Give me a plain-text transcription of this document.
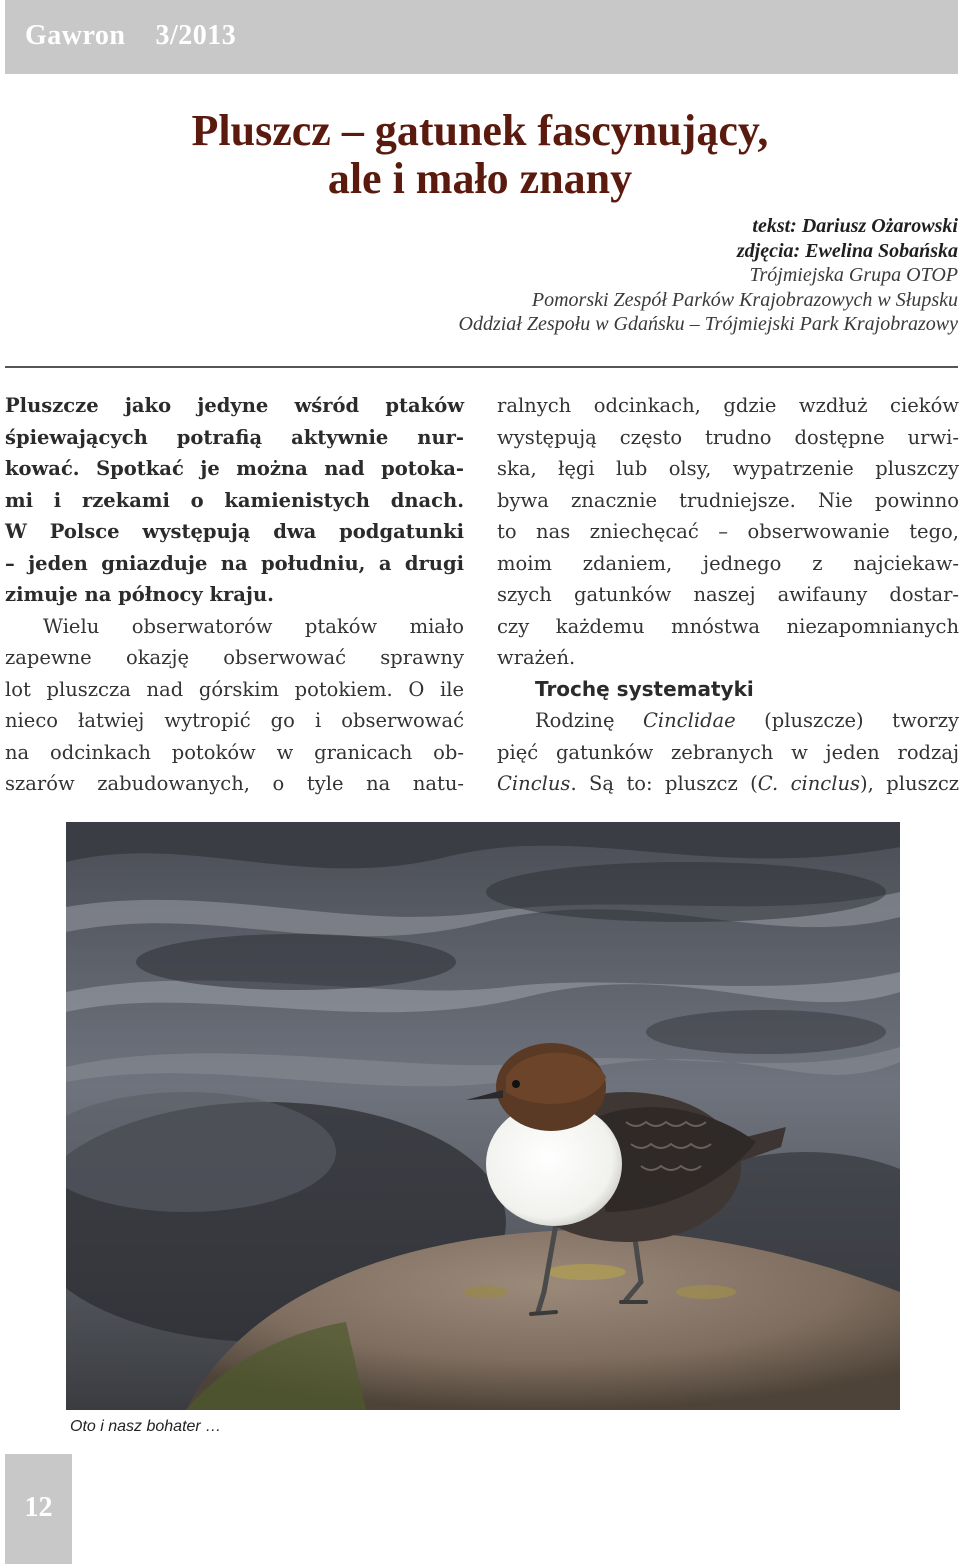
Gawron 3/2013
Pluszcz – gatunek fascynujący,
ale i mało znany
tekst: Dariusz Ożarowski
zdjęcia: Ewelina Sobańska
Trójmiejska Grupa OTOP
Pomorski Zespół Parków Krajobrazowych w Słupsku
Oddział Zespołu w Gdańsku – Trójmiejski Park Krajobrazowy

Pluszcze jako jedyne wśród ptaków

śpiewających potrafią aktywnie nur-

kować. Spotkać je można nad potoka-

mi i rzekami o kamienistych dnach.

W Polsce występują dwa podgatunki

– jeden gniazduje na południu, a drugi

zimuje na północy kraju.

Wielu obserwatorów ptaków miało

zapewne okazję obserwować sprawny

lot pluszcza nad górskim potokiem. O ile

nieco łatwiej wytropić go i obserwować

na odcinkach potoków w granicach ob-

szarów zabudowanych, o tyle na natu-

ralnych odcinkach, gdzie wzdłuż cieków

występują często trudno dostępne urwi-

ska, łęgi lub olsy, wypatrzenie pluszczy

bywa znacznie trudniejsze. Nie powinno

to nas zniechęcać – obserwowanie tego,

moim zdaniem, jednego z najciekaw-

szych gatunków naszej awifauny dostar-

czy każdemu mnóstwa niezapomnianych

wrażeń.

Trochę systematyki

Rodzinę Cinclidae (pluszcze) tworzy

pięć gatunków zebranych w jeden rodzaj

Cinclus. Są to: pluszcz (C. cinclus), pluszcz

Oto i nasz bohater …
12
